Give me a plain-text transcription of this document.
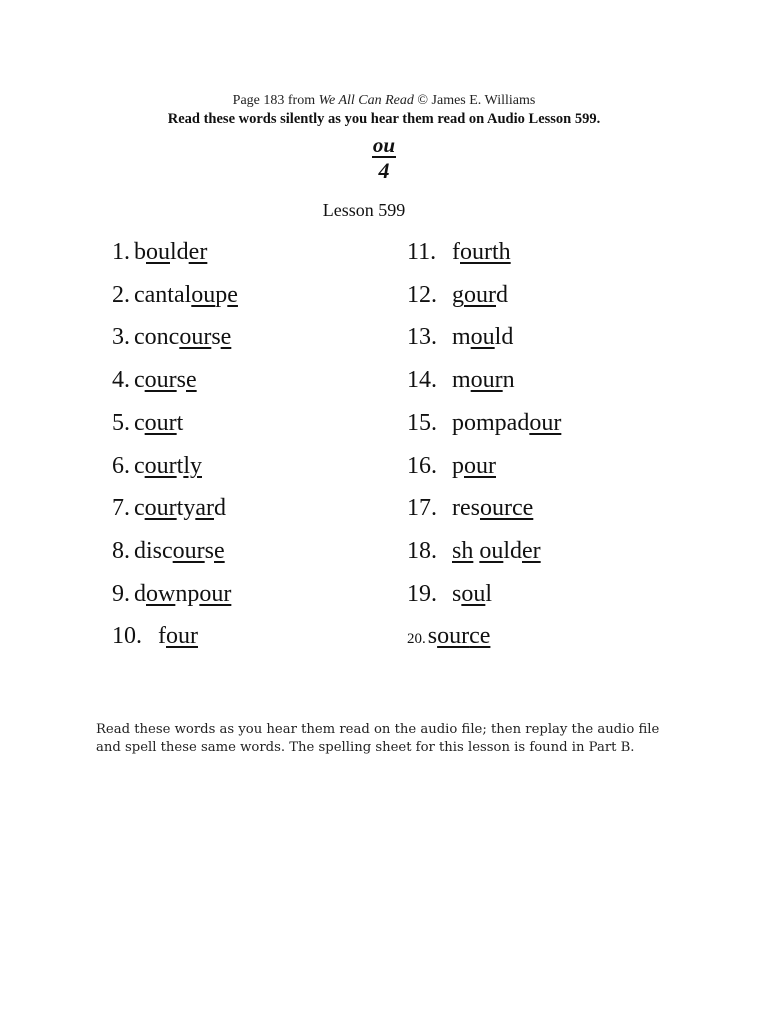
Page 183 from We All Can Read © James E. Williams
Read these words silently as you hear them read on Audio Lesson 599.
ou
4
Lesson 599
1. boulder
2. cantaloupe
3. concourse
4. course
5. court
6. courtly
7. courtyard
8. discourse
9. downpour
10. four
11. fourth
12. gourd
13. mould
14. mourn
15. pompadour
16. pour
17. resource
18. sh oulder
19. soul
20.source
Read these words as you hear them read on the audio file; then replay the audio file and spell these same words. The spelling sheet for this lesson is found in Part B.
